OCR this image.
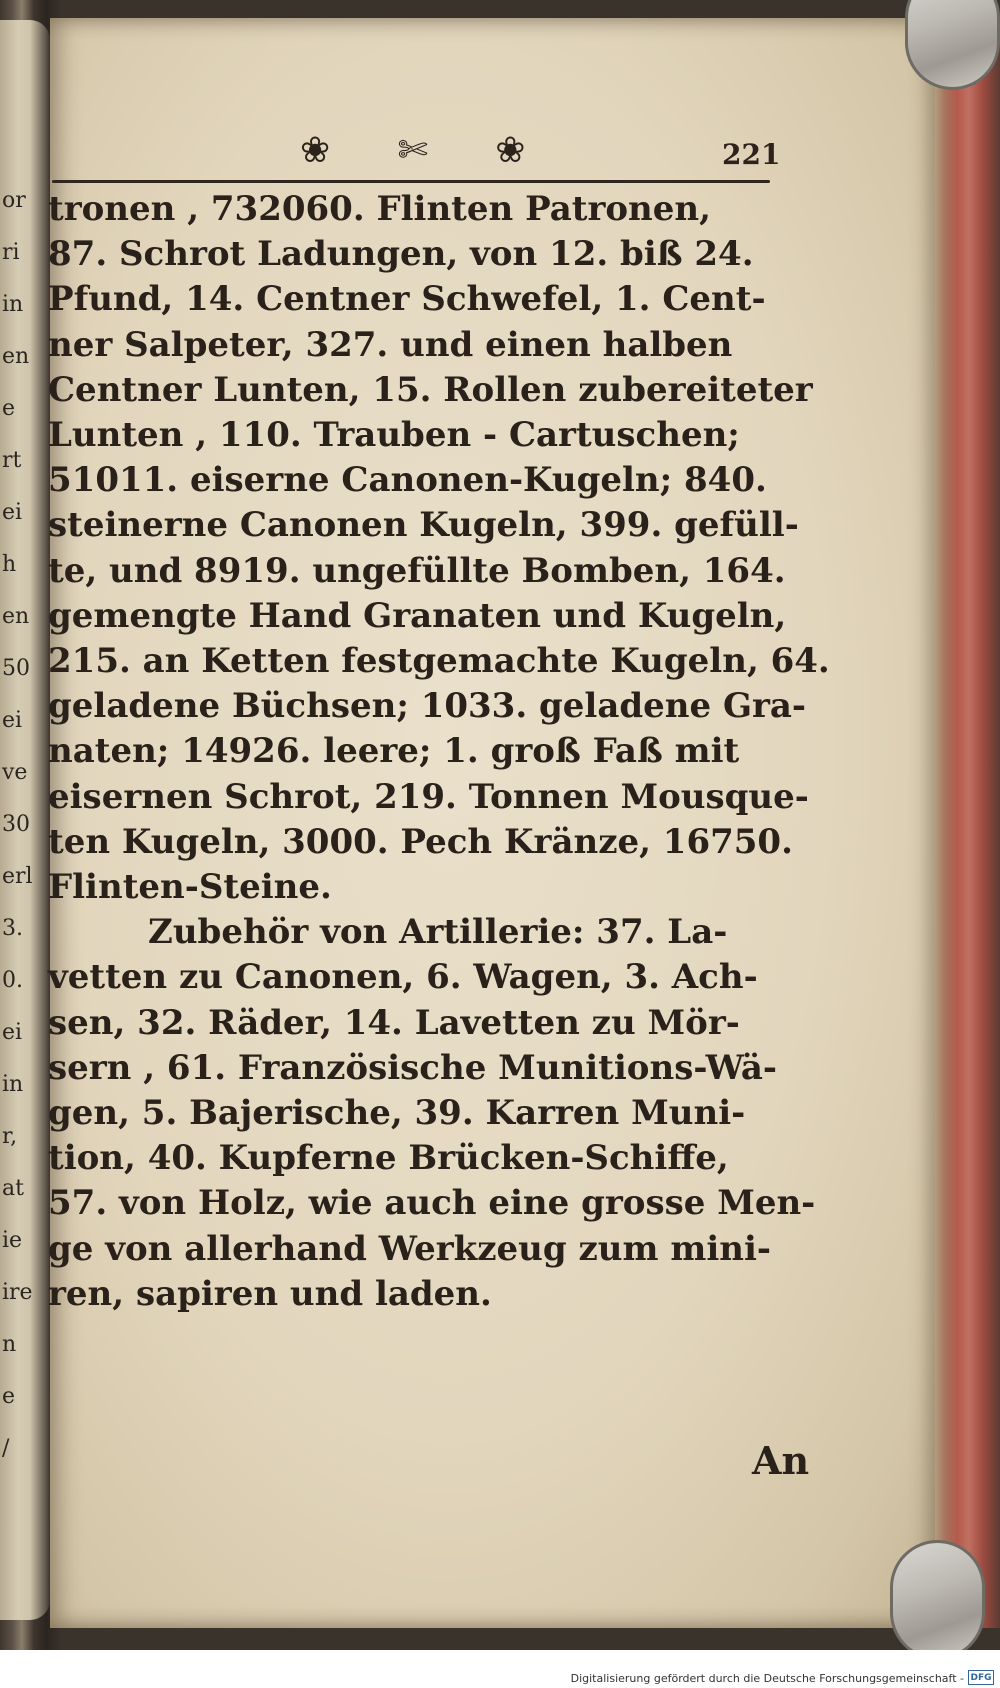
or
ri
in
en
e
rt
ei
h
en
50
ei
ve
30
erl
3.
0.
ei
in
r,
at
ie
ire
n
e
/
❀ ✄ ❀	221
tronen , 732060. Flinten Patronen,
87. Schrot Ladungen, von 12. biß 24.
Pfund, 14. Centner Schwefel, 1. Cent-
ner Salpeter, 327. und einen halben
Centner Lunten, 15. Rollen zubereiteter
Lunten , 110. Trauben - Cartuschen;
51011. eiserne Canonen-Kugeln; 840.
steinerne Canonen Kugeln, 399. gefüll-
te, und 8919. ungefüllte Bomben, 164.
gemengte Hand Granaten und Kugeln,
215. an Ketten festgemachte Kugeln, 64.
geladene Büchsen; 1033. geladene Gra-
naten; 14926. leere; 1. groß Faß mit
eisernen Schrot, 219. Tonnen Mousque-
ten Kugeln, 3000. Pech Kränze, 16750.
Flinten-Steine.
Zubehör von Artillerie: 37. La-
vetten zu Canonen, 6. Wagen, 3. Ach-
sen, 32. Räder, 14. Lavetten zu Mör-
sern , 61. Französische Munitions-Wä-
gen, 5. Bajerische, 39. Karren Muni-
tion, 40. Kupferne Brücken-Schiffe,
57. von Holz, wie auch eine grosse Men-
ge von allerhand Werkzeug zum mini-
ren, sapiren und laden.
An
Digitalisierung gefördert durch die Deutsche Forschungsgemeinschaft - DFG
